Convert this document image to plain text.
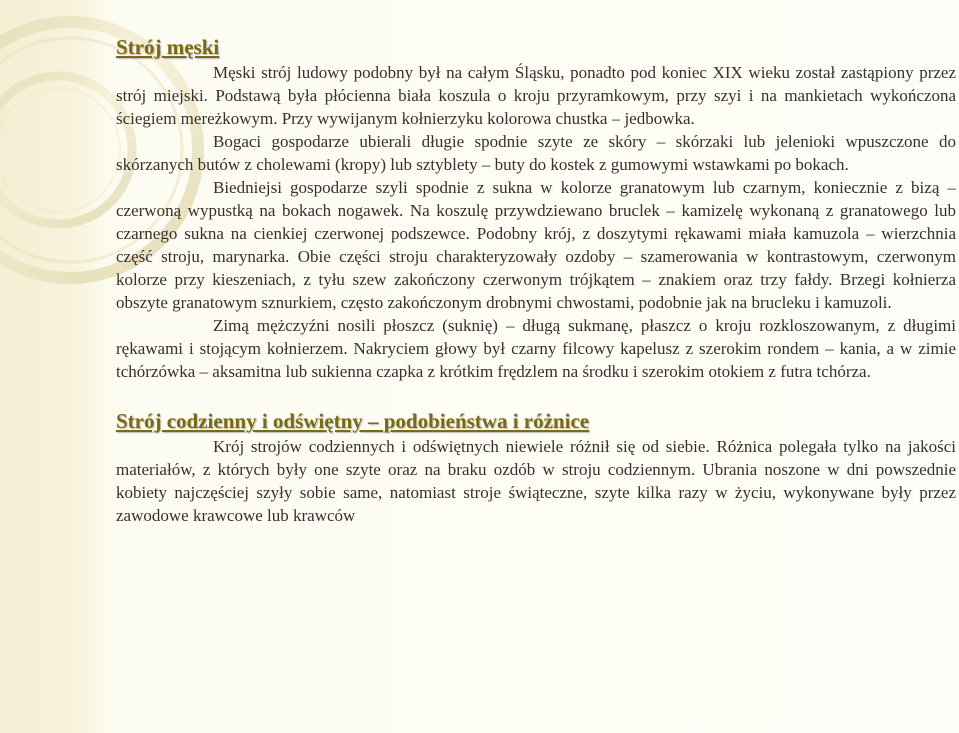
Strój męski

Męski strój ludowy podobny był na całym Śląsku, ponadto pod koniec XIX wieku został zastąpiony przez strój miejski. Podstawą była płócienna biała koszula o kroju przyramkowym, przy szyi i na mankietach wykończona ściegiem mereżkowym. Przy wywijanym kołnierzyku kolorowa chustka – jedbowka.

Bogaci gospodarze ubierali długie spodnie szyte ze skóry – skórzaki lub jelenioki wpuszczone do skórzanych butów z cholewami (kropy) lub sztyblety – buty do kostek z gumowymi wstawkami po bokach.

Biedniejsi gospodarze szyli spodnie z sukna w kolorze granatowym lub czarnym, koniecznie z bizą – czerwoną wypustką na bokach nogawek. Na koszulę przywdziewano bruclek – kamizelę wykonaną z granatowego lub czarnego sukna na cienkiej czerwonej podszewce. Podobny krój, z doszytymi rękawami miała kamuzola – wierzchnia część stroju, marynarka. Obie części stroju charakteryzowały ozdoby – szamerowania w kontrastowym, czerwonym kolorze przy kieszeniach, z tyłu szew zakończony czerwonym trójkątem – znakiem oraz trzy fałdy. Brzegi kołnierza obszyte granatowym sznurkiem, często zakończonym drobnymi chwostami, podobnie jak na brucleku i kamuzoli.

Zimą mężczyźni nosili płoszcz (suknię) – długą sukmanę, płaszcz o kroju rozkloszowanym, z długimi rękawami i stojącym kołnierzem. Nakryciem głowy był czarny filcowy kapelusz z szerokim rondem – kania, a w zimie tchórzówka – aksamitna lub sukienna czapka z krótkim frędzlem na środku i szerokim otokiem z futra tchórza.

Strój codzienny i odświętny – podobieństwa i różnice

Krój strojów codziennych i odświętnych niewiele różnił się od siebie. Różnica polegała tylko na jakości materiałów, z których były one szyte oraz na braku ozdób w stroju codziennym. Ubrania noszone w dni powszednie kobiety najczęściej szyły sobie same, natomiast stroje świąteczne, szyte kilka razy w życiu, wykonywane były przez zawodowe krawcowe lub krawców
